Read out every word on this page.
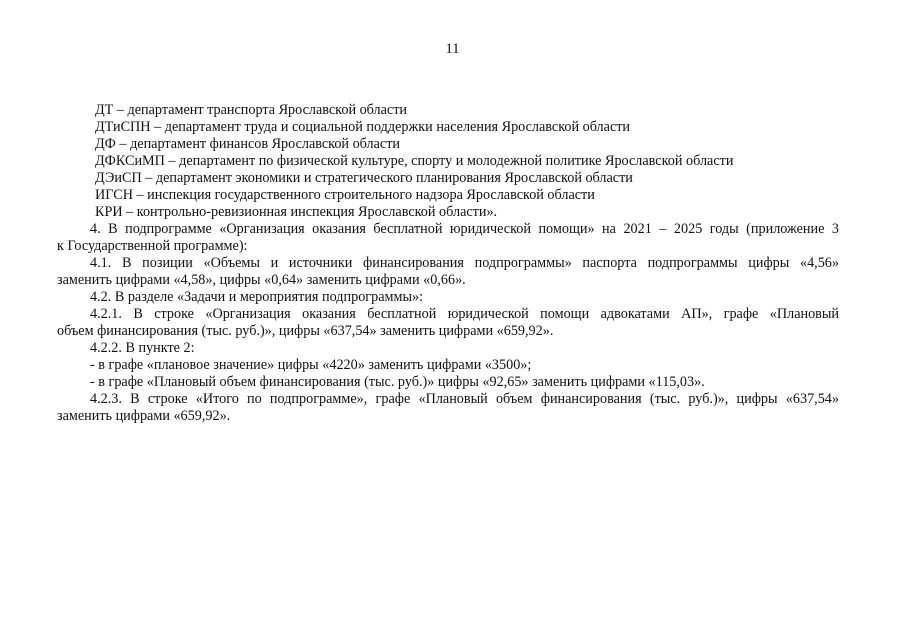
11
ДТ – департамент транспорта Ярославской области
ДТиСПН – департамент труда и социальной поддержки населения Ярославской области
ДФ – департамент финансов Ярославской области
ДФКСиМП – департамент по физической культуре, спорту и молодежной политике Ярославской области
ДЭиСП – департамент экономики и стратегического планирования Ярославской области
ИГСН – инспекция государственного строительного надзора Ярославской области
КРИ – контрольно-ревизионная инспекция Ярославской области».
4. В подпрограмме «Организация оказания бесплатной юридической помощи» на 2021 – 2025 годы (приложение 3
к Государственной программе):
4.1. В позиции «Объемы и источники финансирования подпрограммы» паспорта подпрограммы цифры «4,56»
заменить цифрами «4,58», цифры «0,64» заменить цифрами «0,66».
4.2. В разделе «Задачи и мероприятия подпрограммы»:
4.2.1. В строке «Организация оказания бесплатной юридической помощи адвокатами АП», графе «Плановый
объем финансирования (тыс. руб.)», цифры «637,54» заменить цифрами «659,92».
4.2.2. В пункте 2:
- в графе «плановое значение» цифры «4220» заменить цифрами «3500»;
- в графе «Плановый объем финансирования (тыс. руб.)» цифры «92,65» заменить цифрами «115,03».
4.2.3. В строке «Итого по подпрограмме», графе «Плановый объем финансирования (тыс. руб.)», цифры «637,54»
заменить цифрами «659,92».
